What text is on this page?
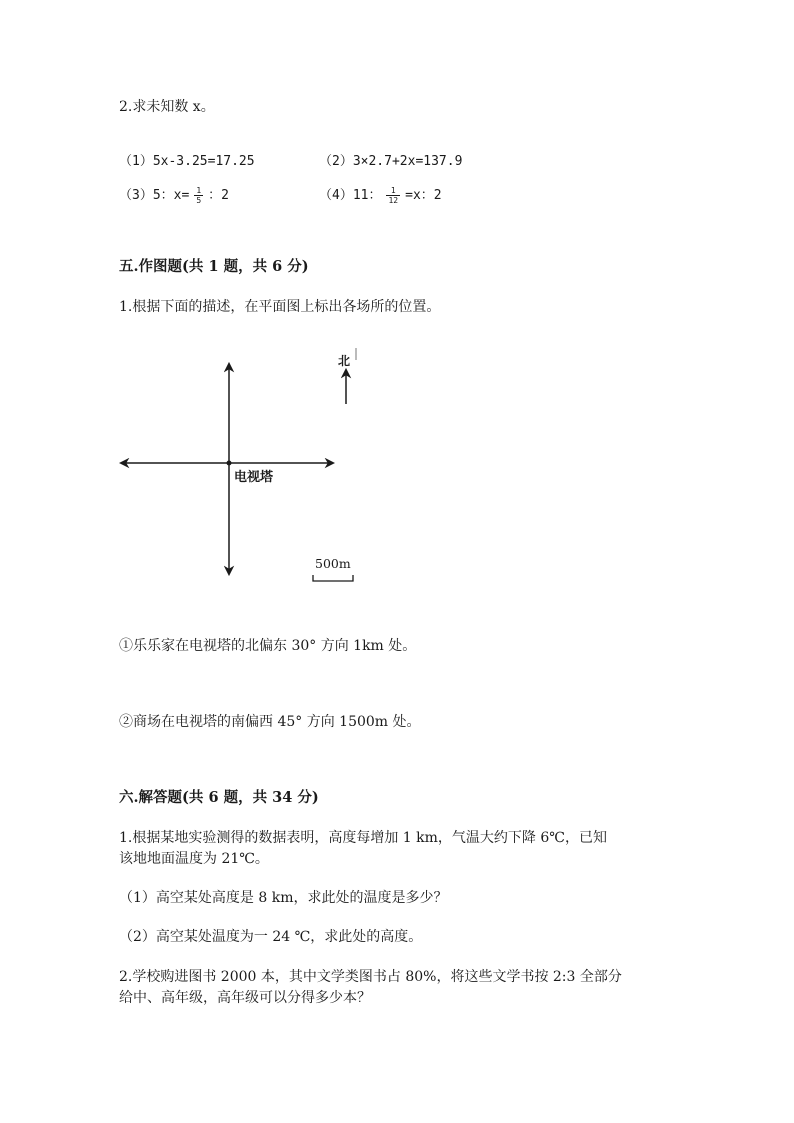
2.求未知数 x。
（1）5x-3.25=17.25	（2）3×2.7+2x=137.9
（3）5：$x= \frac{1}{5}$ ：2	（4）11： $\frac{1}{12} =x$：2
五.作图题(共 1 题，共 6 分)
1.根据下面的描述，在平面图上标出各场所的位置。
北
电视塔
500m
①乐乐家在电视塔的北偏东 30° 方向 1km 处。
②商场在电视塔的南偏西 45° 方向 1500m 处。
六.解答题(共 6 题，共 34 分)
1.根据某地实验测得的数据表明，高度每增加 1 km，气温大约下降 6℃，已知
该地地面温度为 21℃。
（1）高空某处高度是 8 km，求此处的温度是多少？
（2）高空某处温度为一 24 ℃，求此处的高度。
2.学校购进图书 2000 本，其中文学类图书占 80%，将这些文学书按 2:3 全部分
给中、高年级，高年级可以分得多少本？
